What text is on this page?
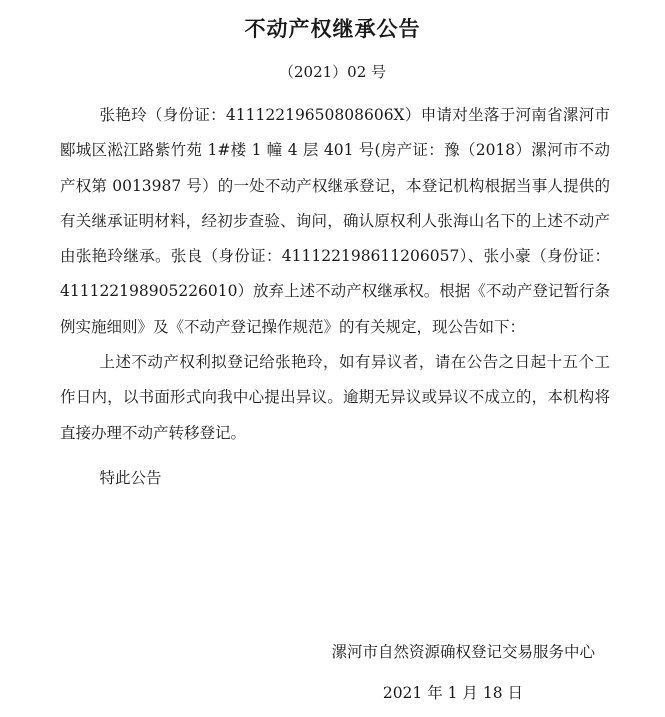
不动产权继承公告
（2021）02 号

张艳玲（身份证：41112219650808606X）申请对坐落于河南省漯河市郾城区淞江路紫竹苑 1#楼 1 幢 4 层 401 号(房产证：豫（2018）漯河市不动产权第 0013987 号）的一处不动产权继承登记，本登记机构根据当事人提供的有关继承证明材料，经初步查验、询问，确认原权利人张海山名下的上述不动产由张艳玲继承。张良（身份证：411122198611206057）、张小豪（身份证：411122198905226010）放弃上述不动产权继承权。根据《不动产登记暂行条例实施细则》及《不动产登记操作规范》的有关规定，现公告如下：

上述不动产权利拟登记给张艳玲，如有异议者，请在公告之日起十五个工作日内，以书面形式向我中心提出异议。逾期无异议或异议不成立的，本机构将直接办理不动产转移登记。

特此公告

漯河市自然资源确权登记交易服务中心
2021 年 1 月 18 日
